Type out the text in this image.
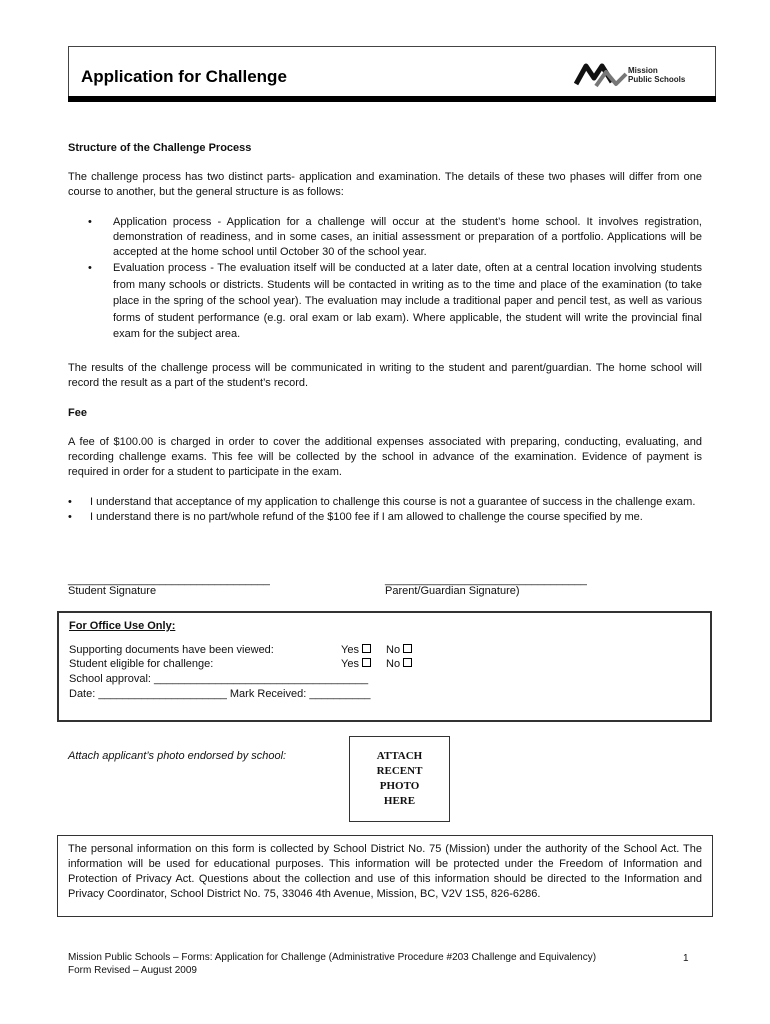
Application for Challenge	Mission
Public Schools
Structure of the Challenge Process
The challenge process has two distinct parts- application and examination. The details of these two phases will differ from one course to another, but the general structure is as follows:
• Application process - Application for a challenge will occur at the student’s home school. It involves registration, demonstration of readiness, and in some cases, an initial assessment or preparation of a portfolio. Applications will be accepted at the home school until October 30 of the school year.
• Evaluation process - The evaluation itself will be conducted at a later date, often at a central location involving students from many schools or districts. Students will be contacted in writing as to the time and place of the examination (to take place in the spring of the school year). The evaluation may include a traditional paper and pencil test, as well as various forms of student performance (e.g. oral exam or lab exam). Where applicable, the student will write the provincial final exam for the subject area.
The results of the challenge process will be communicated in writing to the student and parent/guardian. The home school will record the result as a part of the student’s record.
Fee
A fee of $100.00 is charged in order to cover the additional expenses associated with preparing, conducting, evaluating, and recording challenge exams. This fee will be collected by the school in advance of the examination. Evidence of payment is required in order for a student to participate in the exam.
• I understand that acceptance of my application to challenge this course is not a guarantee of success in the challenge exam.
• I understand there is no part/whole refund of the $100 fee if I am allowed to challenge the course specified by me.
_________________________________
Student Signature
_________________________________
Parent/Guardian Signature)
For Office Use Only:
Supporting documents have been viewed:	Yes	No
Student eligible for challenge:	Yes	No
School approval: ___________________________________
Date: _____________________ Mark Received: __________
Attach applicant’s photo endorsed by school:	ATTACH
RECENT
PHOTO
HERE
The personal information on this form is collected by School District No. 75 (Mission) under the authority of the School Act. The information will be used for educational purposes. This information will be protected under the Freedom of Information and Protection of Privacy Act. Questions about the collection and use of this information should be directed to the Information and Privacy Coordinator, School District No. 75, 33046 4th Avenue, Mission, BC, V2V 1S5, 826-6286.
Mission Public Schools – Forms: Application for Challenge (Administrative Procedure #203 Challenge and Equivalency)
Form Revised – August 2009
1
